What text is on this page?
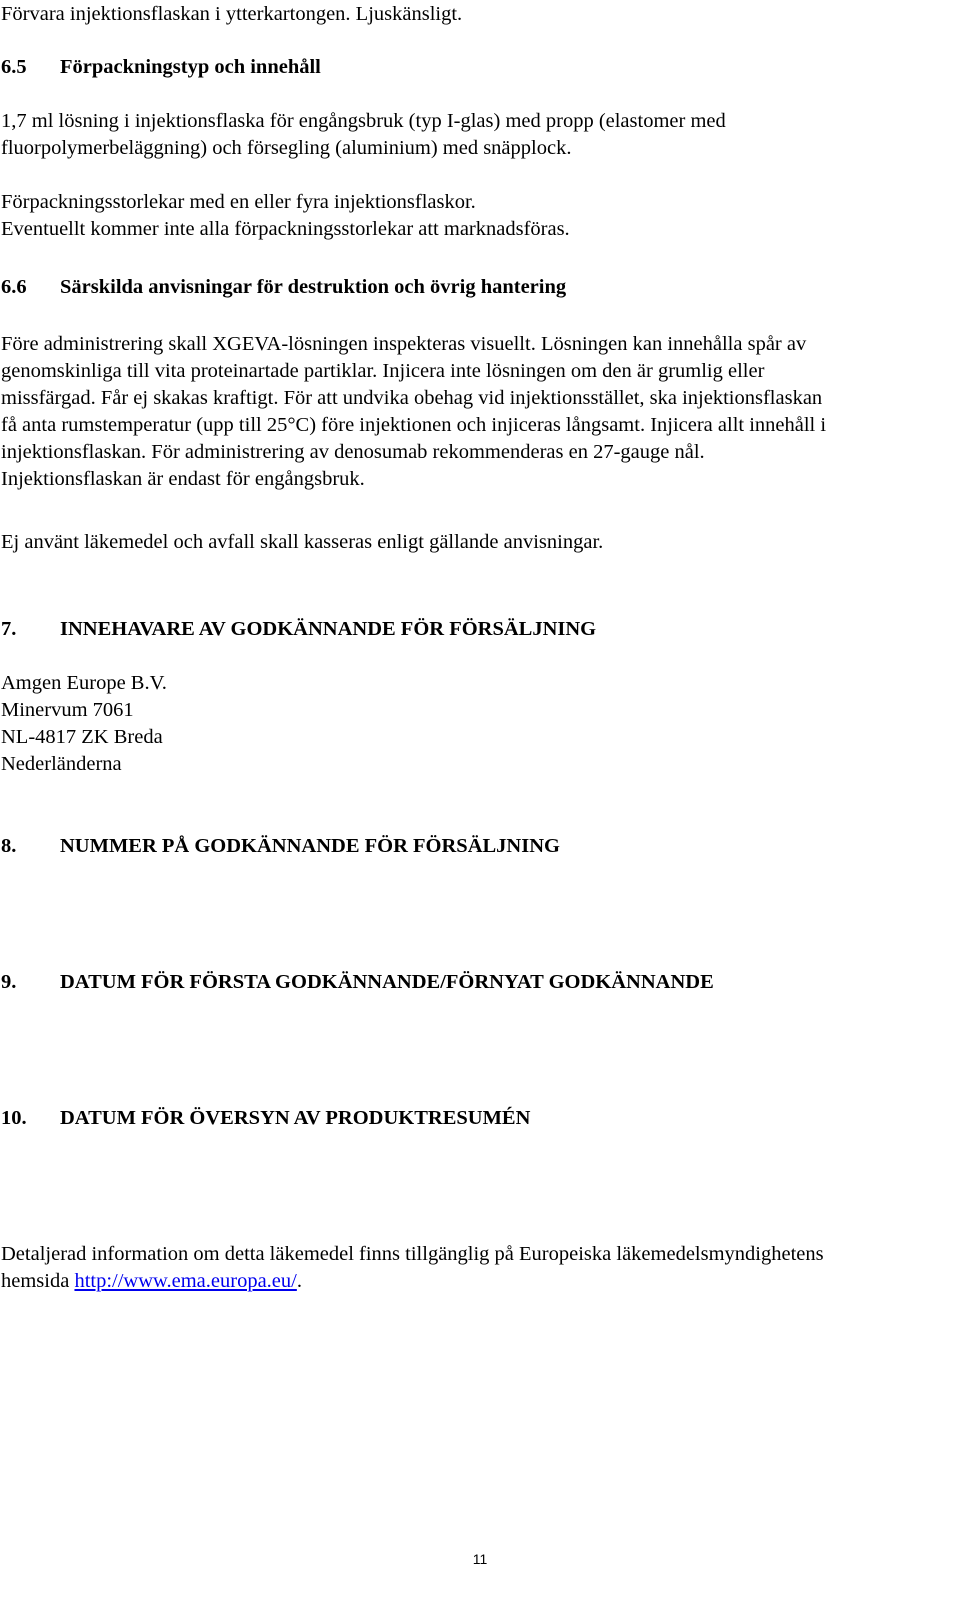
Förvara injektionsflaskan i ytterkartongen. Ljuskänsligt.

6.5 Förpackningstyp och innehåll

1,7 ml lösning i injektionsflaska för engångsbruk (typ I-glas) med propp (elastomer med

fluorpolymerbeläggning) och försegling (aluminium) med snäpplock.

Förpackningsstorlekar med en eller fyra injektionsflaskor.

Eventuellt kommer inte alla förpackningsstorlekar att marknadsföras.

6.6 Särskilda anvisningar för destruktion och övrig hantering

Före administrering skall XGEVA-lösningen inspekteras visuellt. Lösningen kan innehålla spår av

genomskinliga till vita proteinartade partiklar. Injicera inte lösningen om den är grumlig eller

missfärgad. Får ej skakas kraftigt. För att undvika obehag vid injektionsstället, ska injektionsflaskan

få anta rumstemperatur (upp till 25°C) före injektionen och injiceras långsamt. Injicera allt innehåll i

injektionsflaskan. För administrering av denosumab rekommenderas en 27-gauge nål.

Injektionsflaskan är endast för engångsbruk.

Ej använt läkemedel och avfall skall kasseras enligt gällande anvisningar.

7. INNEHAVARE AV GODKÄNNANDE FÖR FÖRSÄLJNING

Amgen Europe B.V.

Minervum 7061

NL-4817 ZK Breda

Nederländerna

8. NUMMER PÅ GODKÄNNANDE FÖR FÖRSÄLJNING
9. DATUM FÖR FÖRSTA GODKÄNNANDE/FÖRNYAT GODKÄNNANDE
10. DATUM FÖR ÖVERSYN AV PRODUKTRESUMÉN

Detaljerad information om detta läkemedel finns tillgänglig på Europeiska läkemedelsmyndighetens

hemsida http://www.ema.europa.eu/.

11
